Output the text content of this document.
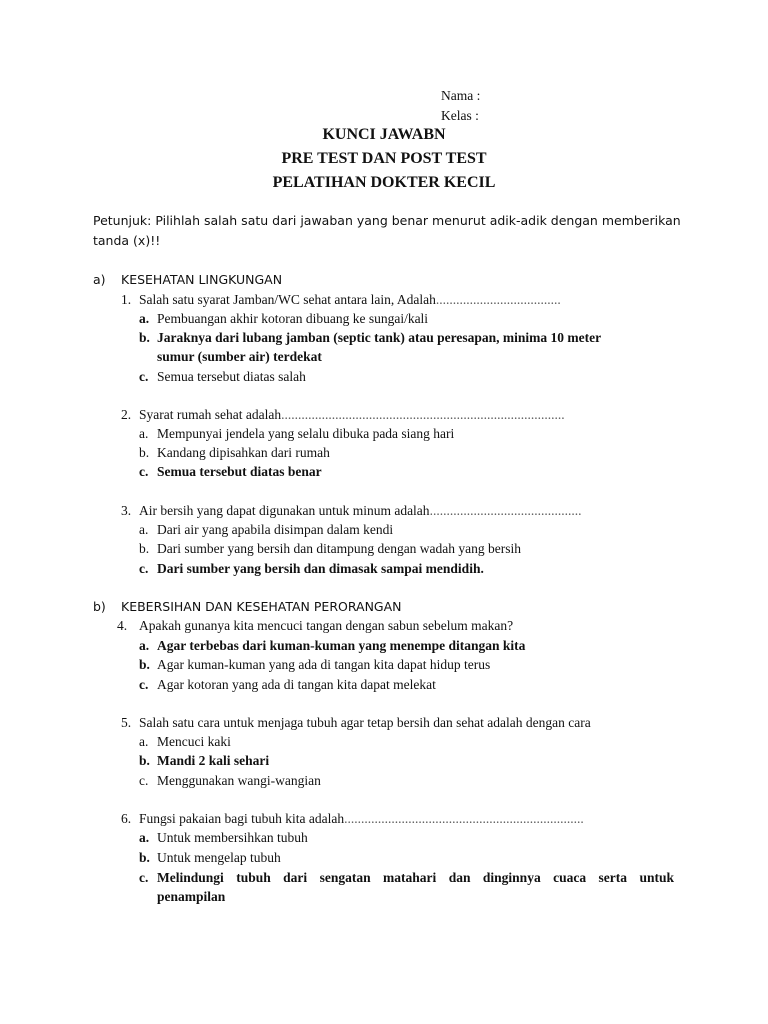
Nama :
Kelas :
KUNCI JAWABN
PRE TEST DAN POST TEST
PELATIHAN DOKTER KECIL
Petunjuk: Pilihlah salah satu dari jawaban yang benar menurut adik-adik dengan memberikan
tanda (x)!!
a) KESEHATAN LINGKUNGAN
1. Salah satu syarat Jamban/WC sehat antara lain, Adalah.....................................
a. Pembuangan akhir kotoran dibuang ke sungai/kali
b. Jaraknya dari lubang jamban (septic tank) atau peresapan, minima 10 meter
sumur (sumber air) terdekat
c. Semua tersebut diatas salah
2. Syarat rumah sehat adalah....................................................................................
a. Mempunyai jendela yang selalu dibuka pada siang hari
b. Kandang dipisahkan dari rumah
c. Semua tersebut diatas benar
3. Air bersih yang dapat digunakan untuk minum adalah.............................................
a. Dari air yang apabila disimpan dalam kendi
b. Dari sumber yang bersih dan ditampung dengan wadah yang bersih
c. Dari sumber yang bersih dan dimasak sampai mendidih.
b) KEBERSIHAN DAN KESEHATAN PERORANGAN
4. Apakah gunanya kita mencuci tangan dengan sabun sebelum makan?
a. Agar terbebas dari kuman-kuman yang menempe ditangan kita
b. Agar kuman-kuman yang ada di tangan kita dapat hidup terus
c. Agar kotoran yang ada di tangan kita dapat melekat
5. Salah satu cara untuk menjaga tubuh agar tetap bersih dan sehat adalah dengan cara
a. Mencuci kaki
b. Mandi 2 kali sehari
c. Menggunakan wangi-wangian
6. Fungsi pakaian bagi tubuh kita adalah.......................................................................
a. Untuk membersihkan tubuh
b. Untuk mengelap tubuh
c. Melindungi tubuh dari sengatan matahari dan dinginnya cuaca serta untuk
penampilan
